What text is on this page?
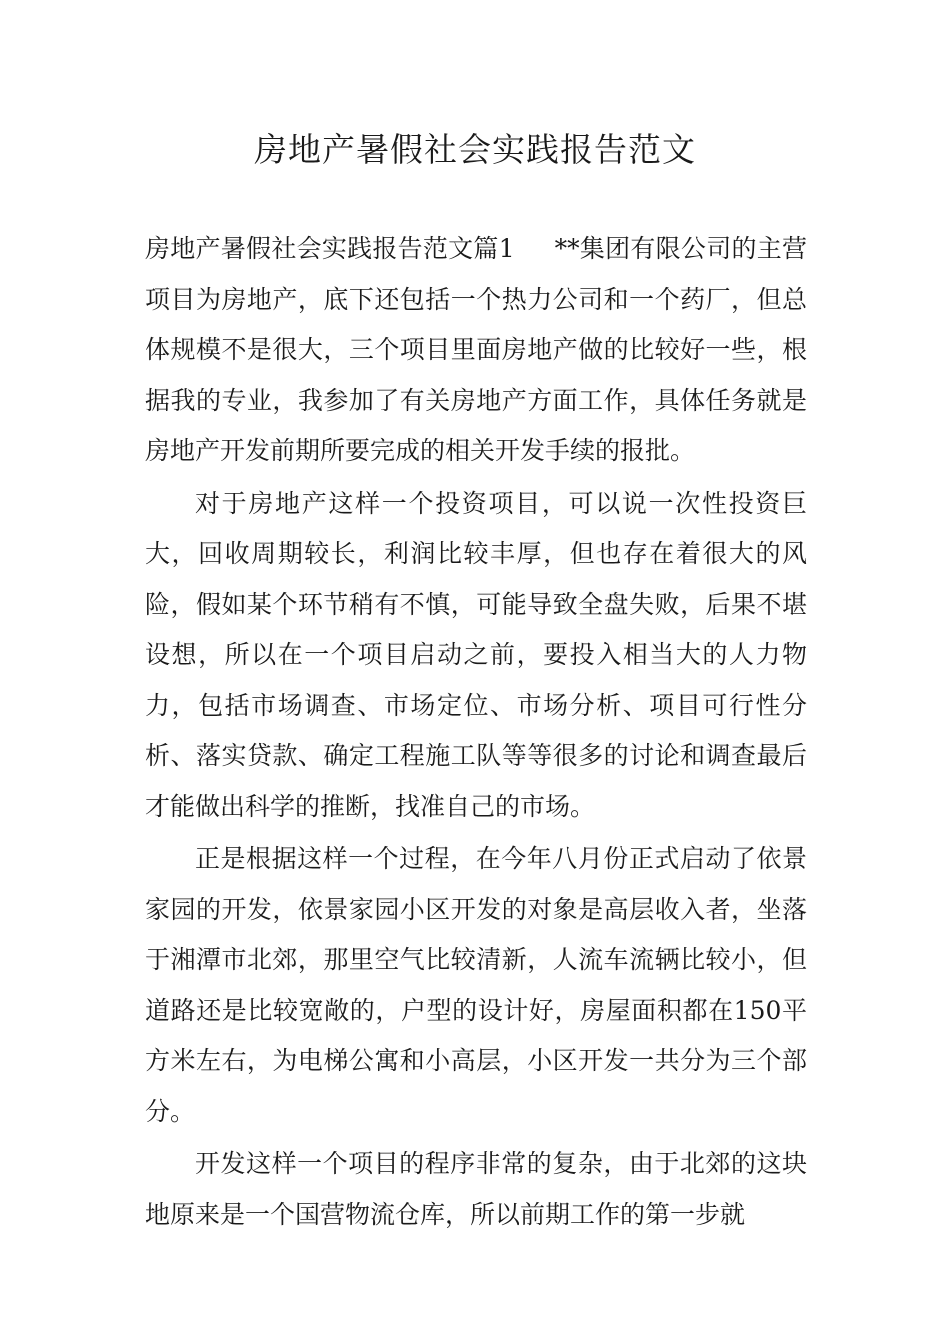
房地产暑假社会实践报告范文

房地产暑假社会实践报告范文篇1 **集团有限公司的主营项目为房地产，底下还包括一个热力公司和一个药厂，但总体规模不是很大，三个项目里面房地产做的比较好一些，根据我的专业，我参加了有关房地产方面工作，具体任务就是房地产开发前期所要完成的相关开发手续的报批。

对于房地产这样一个投资项目，可以说一次性投资巨大，回收周期较长，利润比较丰厚，但也存在着很大的风险，假如某个环节稍有不慎，可能导致全盘失败，后果不堪设想，所以在一个项目启动之前，要投入相当大的人力物力，包括市场调查、市场定位、市场分析、项目可行性分析、落实贷款、确定工程施工队等等很多的讨论和调查最后才能做出科学的推断，找准自己的市场。

正是根据这样一个过程，在今年八月份正式启动了依景家园的开发，依景家园小区开发的对象是高层收入者，坐落于湘潭市北郊，那里空气比较清新，人流车流辆比较小，但道路还是比较宽敞的，户型的设计好，房屋面积都在150平方米左右，为电梯公寓和小高层，小区开发一共分为三个部分。

开发这样一个项目的程序非常的复杂，由于北郊的这块地原来是一个国营物流仓库，所以前期工作的第一步就
